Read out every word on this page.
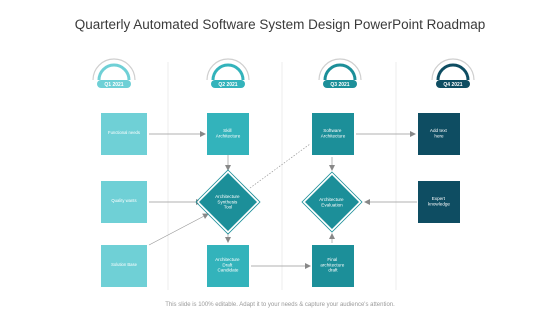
Quarterly Automated Software System Design PowerPoint Roadmap
Q1 2021	Q2 2021	Q3 2021	Q4 2021
Functional needs
Quality wants
Solution Base
Skill Architecture
Architecture Synthesis Tool
Architecture Draft Candidate
Software Architecture
Architecture Evaluation
Final architecture draft
Add text here
Expert knowledge
This slide is 100% editable. Adapt it to your needs & capture your audience's attention.
